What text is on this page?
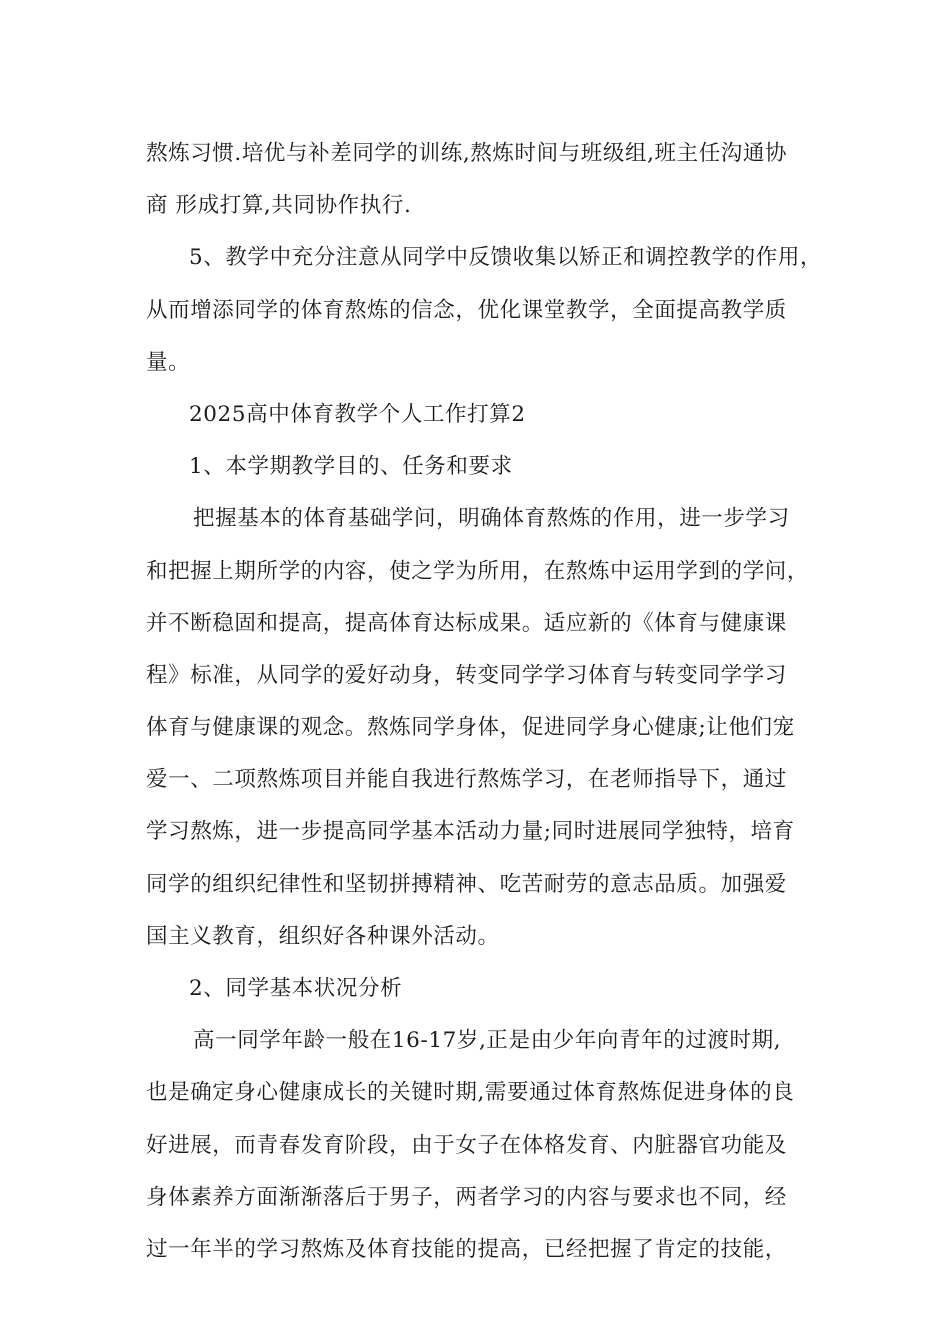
熬炼习惯.培优与补差同学的训练,熬炼时间与班级组,班主任沟通协
商 形成打算,共同协作执行.
5、教学中充分注意从同学中反馈收集以矫正和调控教学的作用，
从而增添同学的体育熬炼的信念，优化课堂教学，全面提高教学质
量。
2025高中体育教学个人工作打算2
1、本学期教学目的、任务和要求
把握基本的体育基础学问，明确体育熬炼的作用，进一步学习
和把握上期所学的内容，使之学为所用，在熬炼中运用学到的学问，
并不断稳固和提高，提高体育达标成果。适应新的《体育与健康课
程》标准，从同学的爱好动身，转变同学学习体育与转变同学学习
体育与健康课的观念。熬炼同学身体，促进同学身心健康;让他们宠
爱一、二项熬炼项目并能自我进行熬炼学习，在老师指导下，通过
学习熬炼，进一步提高同学基本活动力量;同时进展同学独特，培育
同学的组织纪律性和坚韧拼搏精神、吃苦耐劳的意志品质。加强爱
国主义教育，组织好各种课外活动。
2、同学基本状况分析
高一同学年龄一般在16-17岁,正是由少年向青年的过渡时期,
也是确定身心健康成长的关键时期,需要通过体育熬炼促进身体的良
好进展，而青春发育阶段，由于女子在体格发育、内脏器官功能及
身体素养方面渐渐落后于男子，两者学习的内容与要求也不同，经
过一年半的学习熬炼及体育技能的提高，已经把握了肯定的技能，
